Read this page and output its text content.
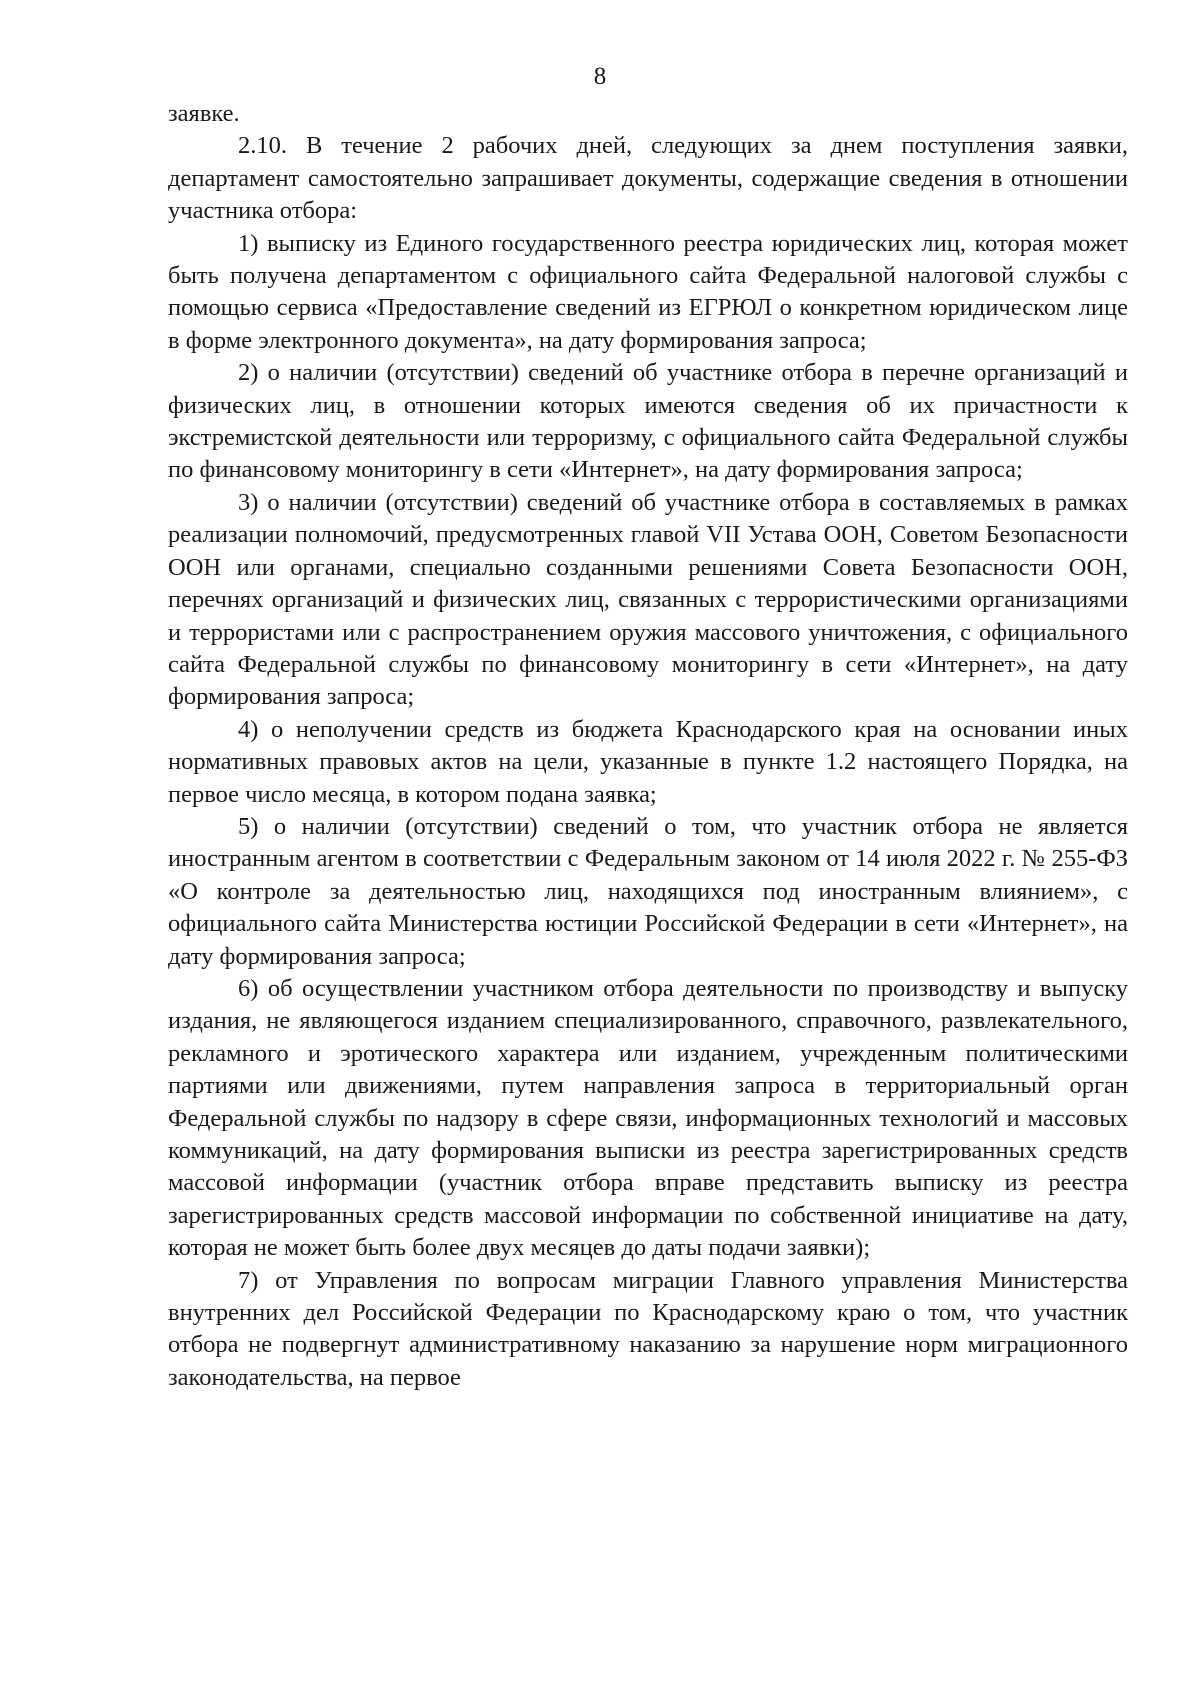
8

заявке.

2.10. В течение 2 рабочих дней, следующих за днем поступления заявки, департамент самостоятельно запрашивает документы, содержащие сведения в отношении участника отбора:

1) выписку из Единого государственного реестра юридических лиц, которая может быть получена департаментом с официального сайта Федеральной налоговой службы с помощью сервиса «Предоставление сведений из ЕГРЮЛ о конкретном юридическом лице в форме электронного документа», на дату формирования запроса;

2) о наличии (отсутствии) сведений об участнике отбора в перечне организаций и физических лиц, в отношении которых имеются сведения об их причастности к экстремистской деятельности или терроризму, с официального сайта Федеральной службы по финансовому мониторингу в сети «Интернет», на дату формирования запроса;

3) о наличии (отсутствии) сведений об участнике отбора в составляемых в рамках реализации полномочий, предусмотренных главой VII Устава ООН, Советом Безопасности ООН или органами, специально созданными решениями Совета Безопасности ООН, перечнях организаций и физических лиц, связанных с террористическими организациями и террористами или с распространением оружия массового уничтожения, с официального сайта Федеральной службы по финансовому мониторингу в сети «Интернет», на дату формирования запроса;

4) о неполучении средств из бюджета Краснодарского края на основании иных нормативных правовых актов на цели, указанные в пункте 1.2 настоящего Порядка, на первое число месяца, в котором подана заявка;

5) о наличии (отсутствии) сведений о том, что участник отбора не является иностранным агентом в соответствии с Федеральным законом от 14 июля 2022 г. № 255-ФЗ «О контроле за деятельностью лиц, находящихся под иностранным влиянием», с официального сайта Министерства юстиции Российской Федерации в сети «Интернет», на дату формирования запроса;

6) об осуществлении участником отбора деятельности по производству и выпуску издания, не являющегося изданием специализированного, справочного, развлекательного, рекламного и эротического характера или изданием, учрежденным политическими партиями или движениями, путем направления запроса в территориальный орган Федеральной службы по надзору в сфере связи, информационных технологий и массовых коммуникаций, на дату формирования выписки из реестра зарегистрированных средств массовой информации (участник отбора вправе представить выписку из реестра зарегистрированных средств массовой информации по собственной инициативе на дату, которая не может быть более двух месяцев до даты подачи заявки);

7) от Управления по вопросам миграции Главного управления Министерства внутренних дел Российской Федерации по Краснодарскому краю о том, что участник отбора не подвергнут административному наказанию за нарушение норм миграционного законодательства, на первое
